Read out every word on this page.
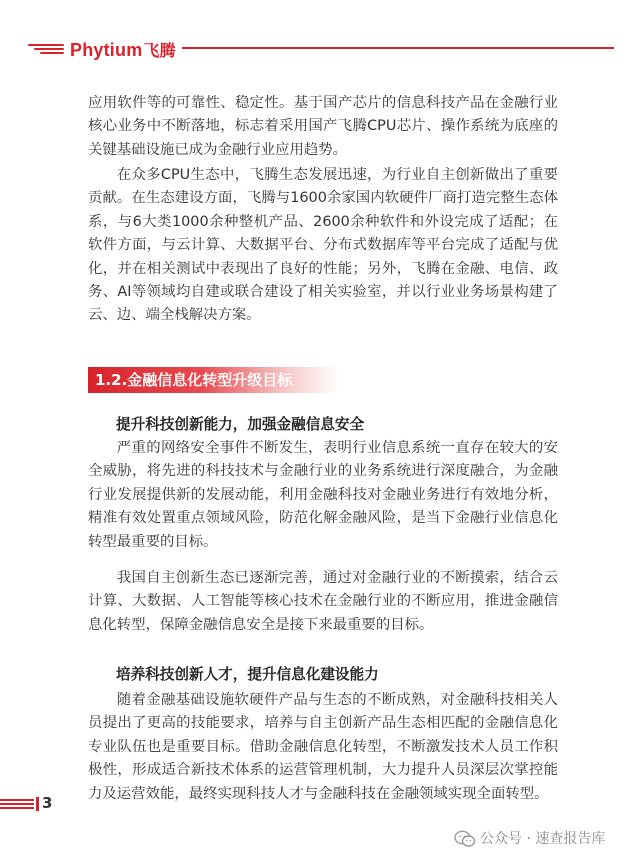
Phytium飞腾

应用软件等的可靠性、稳定性。基于国产芯片的信息科技产品在金融行业核心业务中不断落地，标志着采用国产飞腾CPU芯片、操作系统为底座的关键基础设施已成为金融行业应用趋势。

在众多CPU生态中，飞腾生态发展迅速，为行业自主创新做出了重要贡献。在生态建设方面，飞腾与1600余家国内软硬件厂商打造完整生态体系，与6大类1000余种整机产品、2600余种软件和外设完成了适配；在软件方面，与云计算、大数据平台、分布式数据库等平台完成了适配与优化，并在相关测试中表现出了良好的性能；另外，飞腾在金融、电信、政务、AI等领域均自建或联合建设了相关实验室，并以行业业务场景构建了云、边、端全栈解决方案。

提升科技创新能力，加强金融信息安全

严重的网络安全事件不断发生，表明行业信息系统一直存在较大的安全威胁，将先进的科技技术与金融行业的业务系统进行深度融合，为金融行业发展提供新的发展动能，利用金融科技对金融业务进行有效地分析，精准有效处置重点领域风险，防范化解金融风险，是当下金融行业信息化转型最重要的目标。

我国自主创新生态已逐渐完善，通过对金融行业的不断摸索，结合云计算、大数据、人工智能等核心技术在金融行业的不断应用，推进金融信息化转型，保障金融信息安全是接下来最重要的目标。

培养科技创新人才，提升信息化建设能力

随着金融基础设施软硬件产品与生态的不断成熟，对金融科技相关人员提出了更高的技能要求，培养与自主创新产品生态相匹配的金融信息化专业队伍也是重要目标。借助金融信息化转型，不断激发技术人员工作积极性，形成适合新技术体系的运营管理机制，大力提升人员深层次掌控能力及运营效能，最终实现科技人才与金融科技在金融领域实现全面转型。

1.2.金融信息化转型升级目标
3
公众号 · 速查报告库
